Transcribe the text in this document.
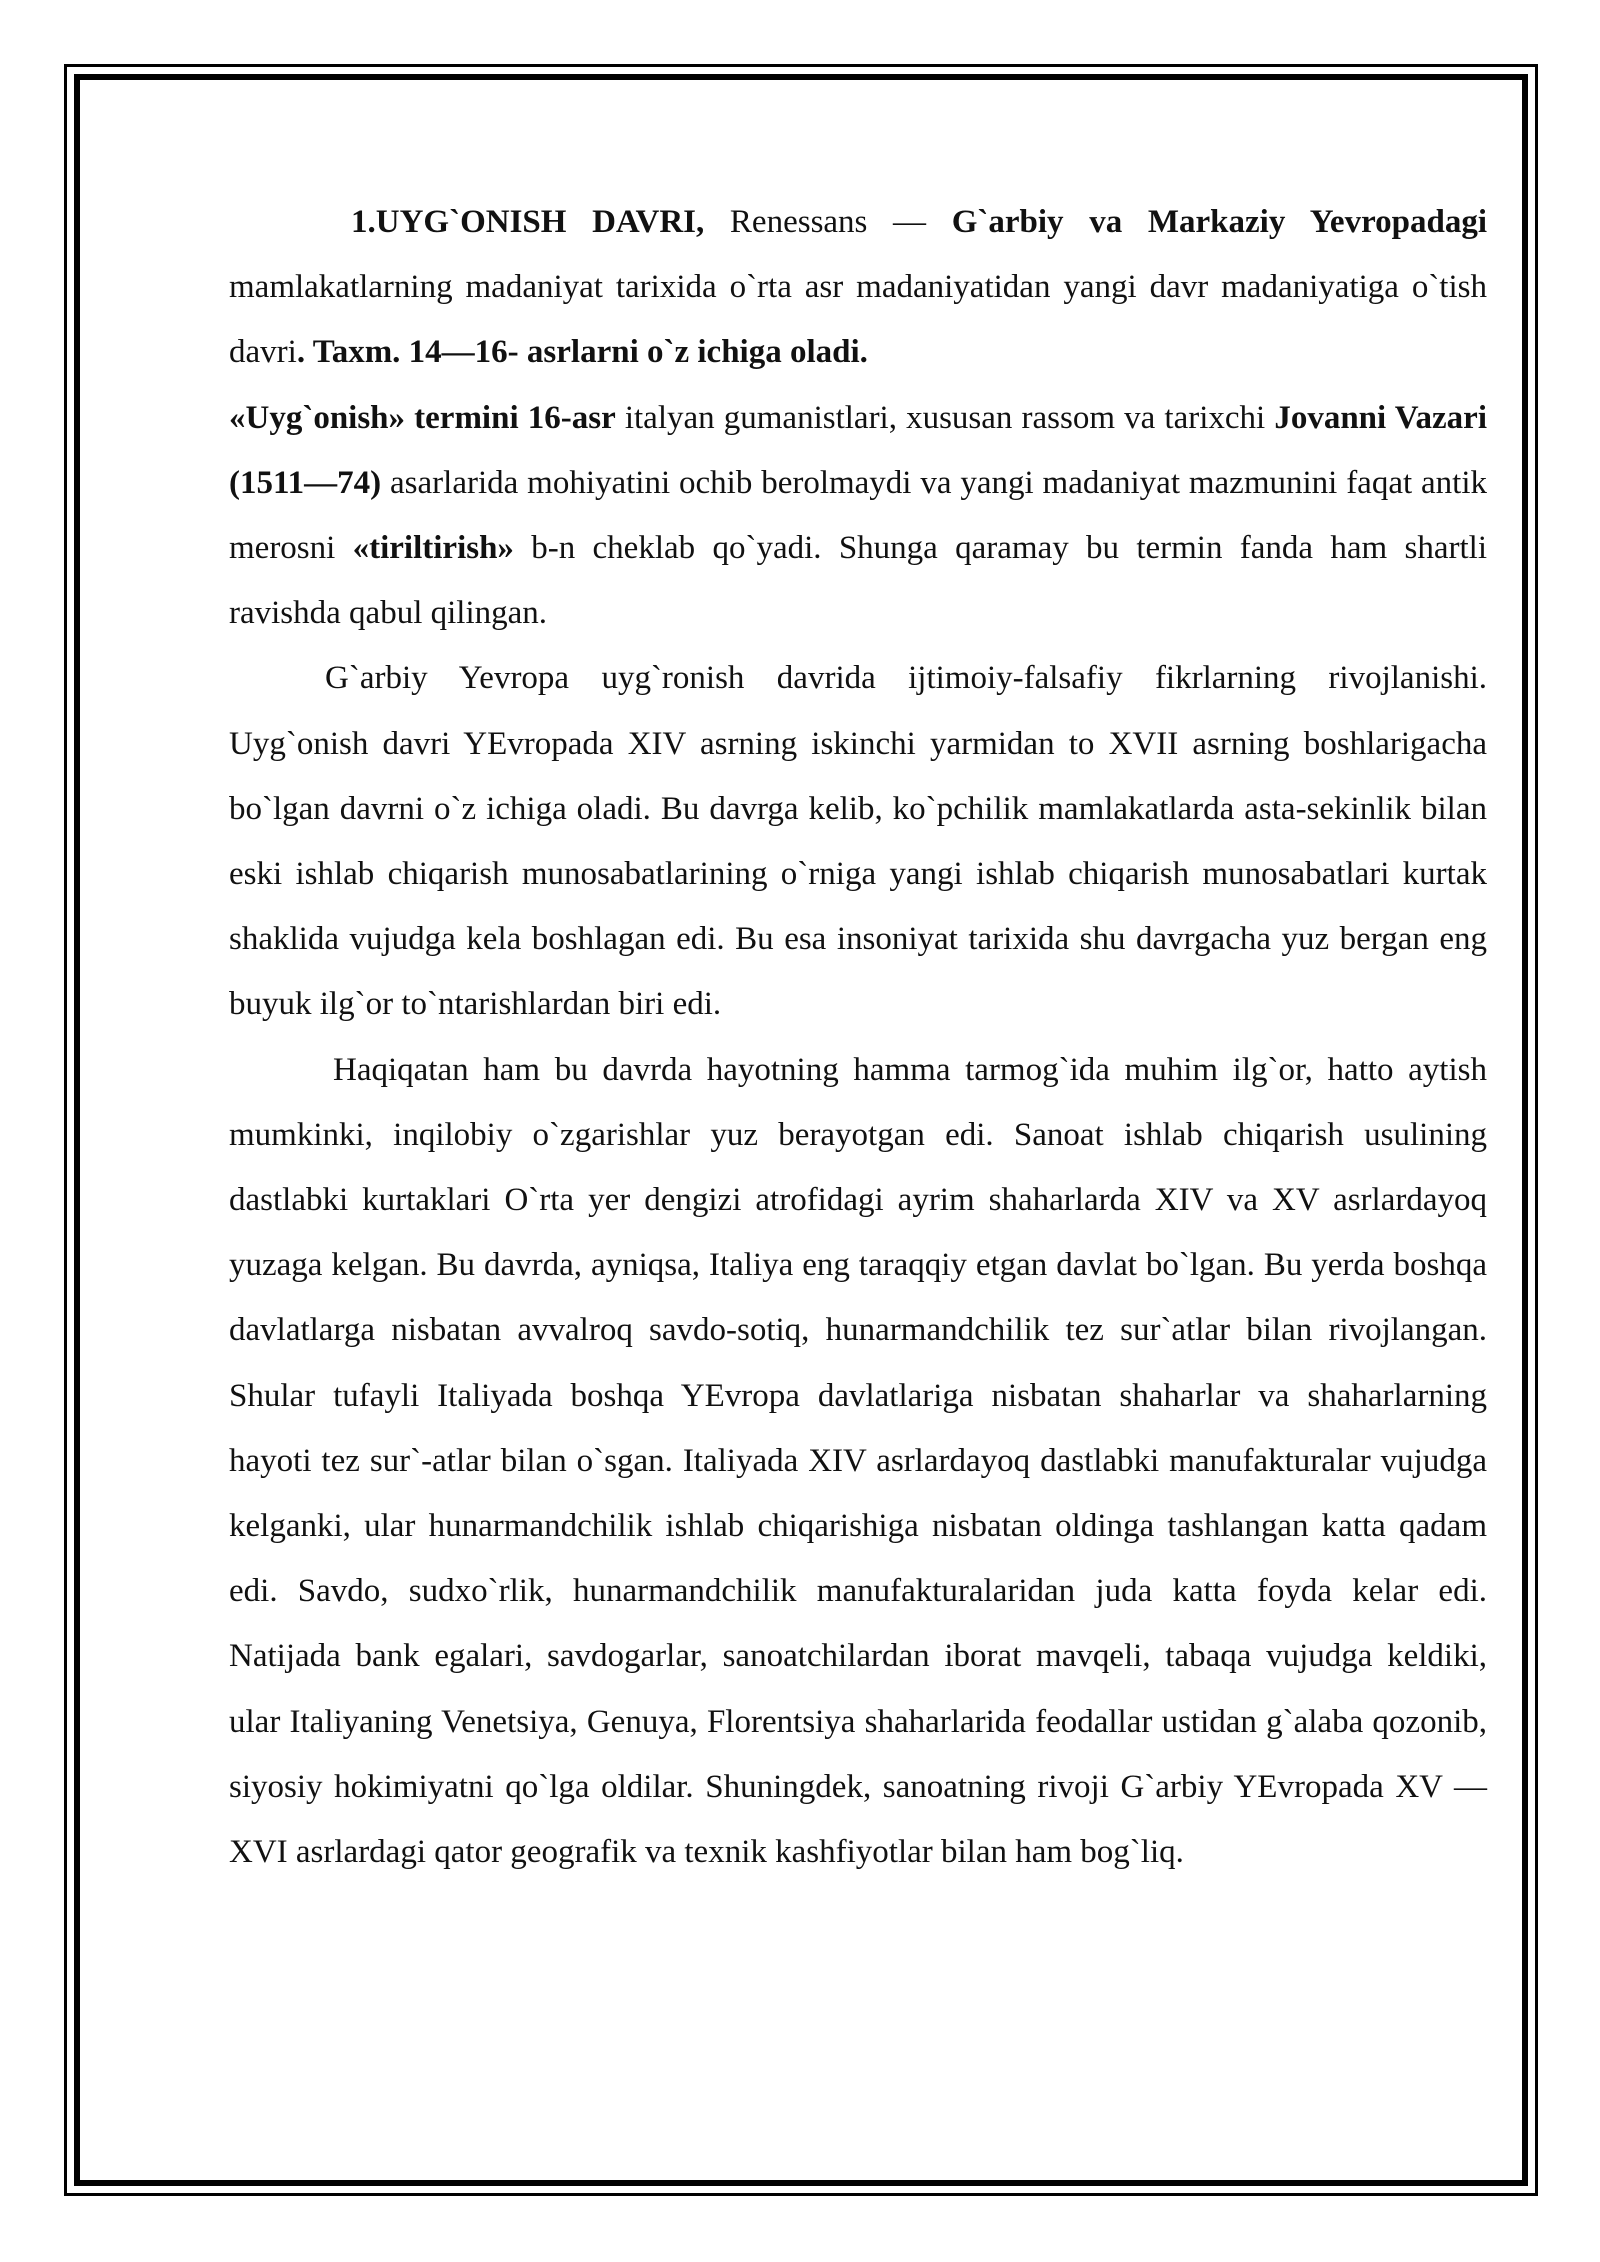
1.UYG`ONISH DAVRI, Renessans — G`arbiy va Markaziy Yevropadagi mamlakatlarning madaniyat tarixida o`rta asr madaniyatidan yangi davr madaniyatiga o`tish davri. Taxm. 14—16- asrlarni o`z ichiga oladi.

«Uyg`onish» termini 16-asr italyan gumanistlari, xususan rassom va tarixchi Jovanni Vazari (1511—74) asarlarida mohiyatini ochib berolmaydi va yangi madaniyat mazmunini faqat antik merosni «tiriltirish» b-n cheklab qo`yadi. Shunga qaramay bu termin fanda ham shartli ravishda qabul qilingan.

G`arbiy Yevropa uyg`ronish davrida ijtimoiy-falsafiy fikrlarning rivojlanishi. Uyg`onish davri YEvropada XIV asrning iskinchi yarmidan to XVII asrning boshlarigacha bo`lgan davrni o`z ichiga oladi. Bu davrga kelib, ko`pchilik mamlakatlarda asta-sekinlik bilan eski ishlab chiqarish munosabatlarining o`rniga yangi ishlab chiqarish munosabatlari kurtak shaklida vujudga kela boshlagan edi. Bu esa insoniyat tarixida shu davrgacha yuz bergan eng buyuk ilg`or to`ntarishlardan biri edi.

Haqiqatan ham bu davrda hayotning hamma tarmog`ida muhim ilg`or, hatto aytish mumkinki, inqilobiy o`zgarishlar yuz berayotgan edi. Sanoat ishlab chiqarish usulining dastlabki kurtaklari O`rta yer dengizi atrofidagi ayrim shaharlarda XIV va XV asrlardayoq yuzaga kelgan. Bu davrda, ayniqsa, Italiya eng taraqqiy etgan davlat bo`lgan. Bu yerda boshqa davlatlarga nisbatan avvalroq savdo-sotiq, hunarmandchilik tez sur`atlar bilan rivojlangan. Shular tufayli Italiyada boshqa YEvropa davlatlariga nisbatan shaharlar va shaharlarning hayoti tez sur`-atlar bilan o`sgan. Italiyada XIV asrlardayoq dastlabki manufakturalar vujudga kelganki, ular hunarmandchilik ishlab chiqarishiga nisbatan oldinga tashlangan katta qadam edi. Savdo, sudxo`rlik, hunarmandchilik manufakturalaridan juda katta foyda kelar edi. Natijada bank egalari, savdogarlar, sanoatchilardan iborat mavqeli, tabaqa vujudga keldiki, ular Italiyaning Venetsiya, Genuya, Florentsiya shaharlarida feodallar ustidan g`alaba qozonib, siyosiy hokimiyatni qo`lga oldilar. Shuningdek, sanoatning rivoji G`arbiy YEvropada XV —XVI asrlardagi qator geografik va texnik kashfiyotlar bilan ham bog`liq.
